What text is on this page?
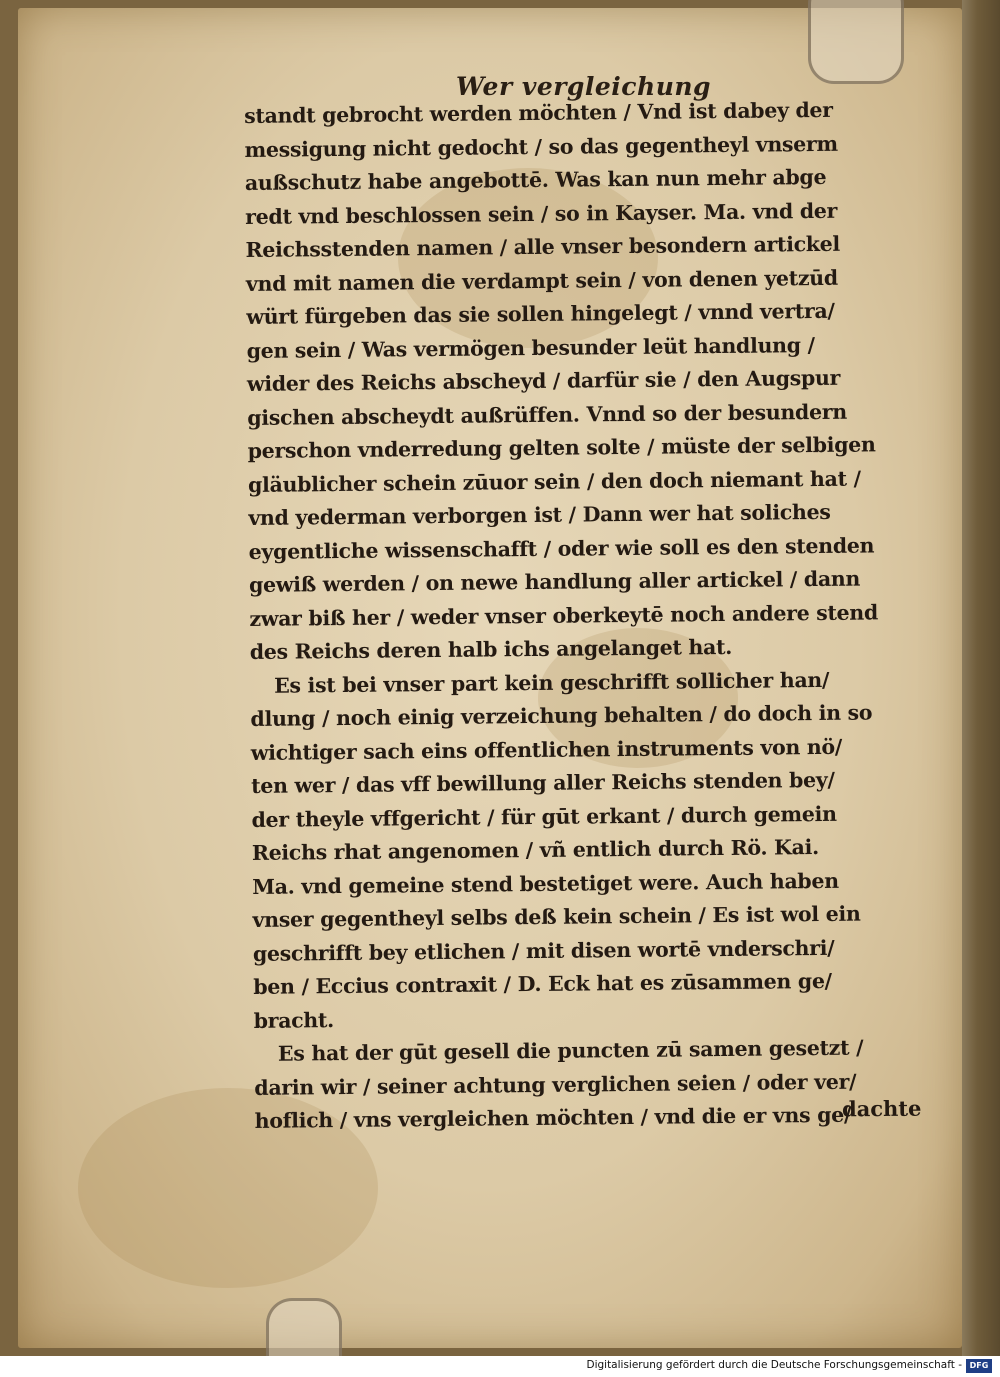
Wer vergleichung
standt gebrocht werden möchten / Vnd ist dabey der
messigung nicht gedocht / so das gegentheyl vnserm
außschutz habe angebottē. Was kan nun mehr abge
redt vnd beschlossen sein / so in Kayser. Ma. vnd der
Reichsstenden namen / alle vnser besondern artickel
vnd mit namen die verdampt sein / von denen yetzūd
würt fürgeben das sie sollen hingelegt / vnnd vertra/
gen sein / Was vermögen besunder leüt handlung /
wider des Reichs abscheyd / darfür sie / den Augspur
gischen abscheydt außrüffen. Vnnd so der besundern
perschon vnderredung gelten solte / müste der selbigen
gläublicher schein zūuor sein / den doch niemant hat /
vnd yederman verborgen ist / Dann wer hat soliches
eygentliche wissenschafft / oder wie soll es den stenden
gewiß werden / on newe handlung aller artickel / dann
zwar biß her / weder vnser oberkeytē noch andere stend
des Reichs deren halb ichs angelanget hat.
Es ist bei vnser part kein geschrifft sollicher han/
dlung / noch einig verzeichung behalten / do doch in so
wichtiger sach eins offentlichen instruments von nö/
ten wer / das vff bewillung aller Reichs stenden bey/
der theyle vffgericht / für gūt erkant / durch gemein
Reichs rhat angenomen / vñ entlich durch Rö. Kai.
Ma. vnd gemeine stend bestetiget were. Auch haben
vnser gegentheyl selbs deß kein schein / Es ist wol ein
geschrifft bey etlichen / mit disen wortē vnderschri/
ben / Eccius contraxit / D. Eck hat es zūsammen ge/
bracht.
Es hat der gūt gesell die puncten zū samen gesetzt /
darin wir / seiner achtung verglichen seien / oder ver/
hoflich / vns vergleichen möchten / vnd die er vns ge/
dachte
Digitalisierung gefördert durch die Deutsche Forschungsgemeinschaft - DFG
